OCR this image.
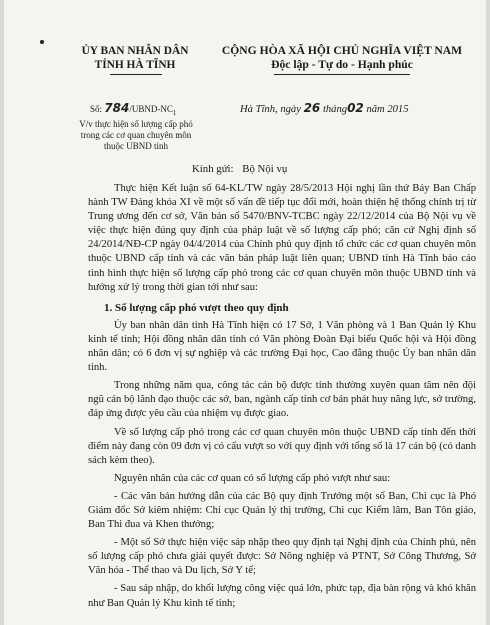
ỦY BAN NHÂN DÂN
TỈNH HÀ TĨNH
CỘNG HÒA XÃ HỘI CHỦ NGHĨA VIỆT NAM
Độc lập - Tự do - Hạnh phúc
Số: $784/UBND-NC_1$
V/v thực hiện số lượng cấp phó
trong các cơ quan chuyên môn
thuộc UBND tỉnh
Hà Tĩnh, ngày 26 tháng02 năm 2015
Kính gửi: Bộ Nội vụ

Thực hiện Kết luận số 64-KL/TW ngày 28/5/2013 Hội nghị lần thứ Bảy Ban Chấp hành TW Đảng khóa XI về một số vấn đề tiếp tục đổi mới, hoàn thiện hệ thống chính trị từ Trung ương đến cơ sở, Văn bản số 5470/BNV-TCBC ngày 22/12/2014 của Bộ Nội vụ về việc thực hiện đúng quy định của pháp luật về số lượng cấp phó; căn cứ Nghị định số 24/2014/NĐ-CP ngày 04/4/2014 của Chính phủ quy định tổ chức các cơ quan chuyên môn thuộc UBND cấp tỉnh và các văn bản pháp luật liên quan; UBND tỉnh Hà Tĩnh báo cáo tình hình thực hiện số lượng cấp phó trong các cơ quan chuyên môn thuộc UBND tỉnh và hướng xử lý trong thời gian tới như sau:

1. Số lượng cấp phó vượt theo quy định

Ủy ban nhân dân tỉnh Hà Tĩnh hiện có 17 Sở, 1 Văn phòng và 1 Ban Quản lý Khu kinh tế tỉnh; Hội đồng nhân dân tỉnh có Văn phòng Đoàn Đại biểu Quốc hội và Hội đồng nhân dân; có 6 đơn vị sự nghiệp và các trường Đại học, Cao đẳng thuộc Ủy ban nhân dân tỉnh.

Trong những năm qua, công tác cán bộ được tỉnh thường xuyên quan tâm nên đội ngũ cán bộ lãnh đạo thuộc các sở, ban, ngành cấp tỉnh cơ bản phát huy năng lực, sở trường, đáp ứng được yêu cầu của nhiệm vụ được giao.

Về số lượng cấp phó trong các cơ quan chuyên môn thuộc UBND cấp tỉnh đến thời điểm này đang còn 09 đơn vị có cấu vượt so với quy định với tổng số là 17 cán bộ (có danh sách kèm theo).

Nguyên nhân của các cơ quan có số lượng cấp phó vượt như sau:

- Các văn bản hướng dẫn của các Bộ quy định Trưởng một số Ban, Chi cục là Phó Giám đốc Sở kiêm nhiệm: Chi cục Quản lý thị trường, Chi cục Kiểm lâm, Ban Tôn giáo, Ban Thi đua và Khen thưởng;

- Một số Sở thực hiện việc sáp nhập theo quy định tại Nghị định của Chính phủ, nên số lượng cấp phó chưa giải quyết được: Sở Nông nghiệp và PTNT, Sở Công Thương, Sở Văn hóa - Thể thao và Du lịch, Sở Y tế;

- Sau sáp nhập, do khối lượng công việc quá lớn, phức tạp, địa bàn rộng và khó khăn như Ban Quản lý Khu kinh tế tỉnh;
